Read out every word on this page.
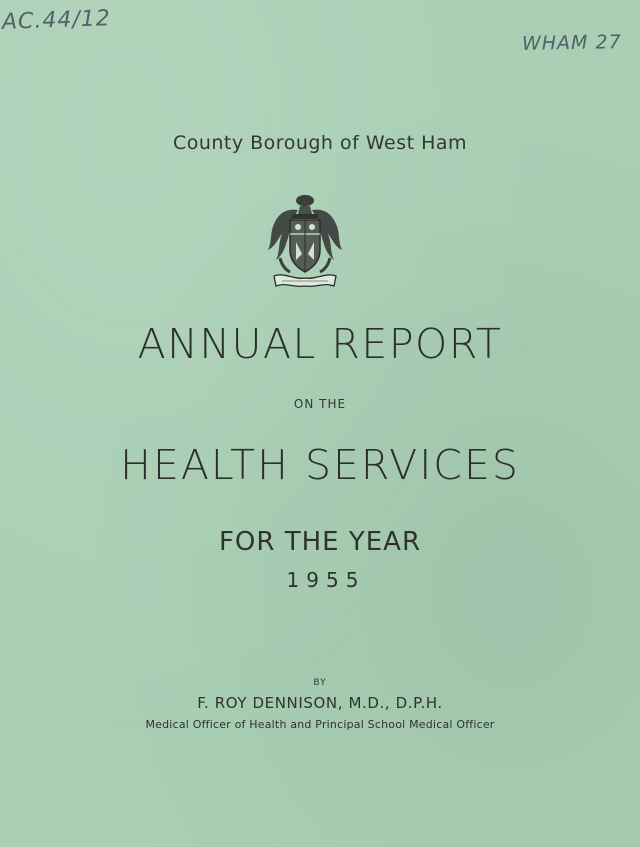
AC.44/12
WHAM 27
County Borough of West Ham
ANNUAL REPORT
ON THE
HEALTH SERVICES
FOR THE YEAR
1955
BY
F. ROY DENNISON, M.D., D.P.H.
Medical Officer of Health and Principal School Medical Officer
